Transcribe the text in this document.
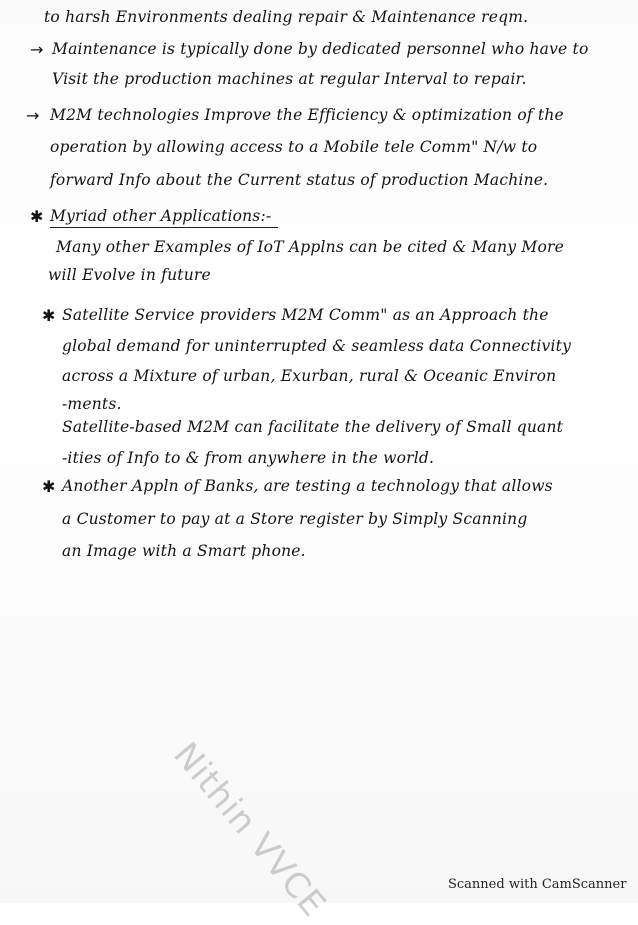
to harsh Environments dealing repair & Maintenance reqm.
→ Maintenance is typically done by dedicated personnel who have to
Visit the production machines at regular Interval to repair.
→ M2M technologies Improve the Efficiency & optimization of the
operation by allowing access to a Mobile tele Comm" N/w to
forward Info about the Current status of production Machine.
✱ Myriad other Applications:-
Many other Examples of IoT Applns can be cited & Many More
will Evolve in future
✱ Satellite Service providers M2M Comm" as an Approach the
global demand for uninterrupted & seamless data Connectivity
across a Mixture of urban, Exurban, rural & Oceanic Environ
-ments.
Satellite-based M2M can facilitate the delivery of Small quant
-ities of Info to & from anywhere in the world.
✱ Another Appln of Banks, are testing a technology that allows
a Customer to pay at a Store register by Simply Scanning
an Image with a Smart phone.
Nithin VVCE	Scanned with CamScanner
